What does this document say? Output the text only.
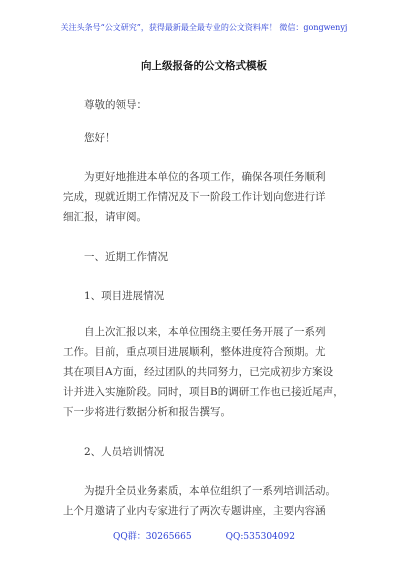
关注头条号“公文研究”，获得最新最全最专业的公文资料库！ 微信：gongwenyj
向上级报备的公文格式模板
尊敬的领导：
您好！
为更好地推进本单位的各项工作，确保各项任务顺利
完成，现就近期工作情况及下一阶段工作计划向您进行详
细汇报，请审阅。
一、近期工作情况
1、项目进展情况
自上次汇报以来，本单位围绕主要任务开展了一系列
工作。目前，重点项目进展顺利，整体进度符合预期。尤
其在项目A方面，经过团队的共同努力，已完成初步方案设
计并进入实施阶段。同时，项目B的调研工作也已接近尾声，
下一步将进行数据分析和报告撰写。
2、人员培训情况
为提升全员业务素质，本单位组织了一系列培训活动。
上个月邀请了业内专家进行了两次专题讲座，主要内容涵
QQ群：30265665	QQ:535304092
